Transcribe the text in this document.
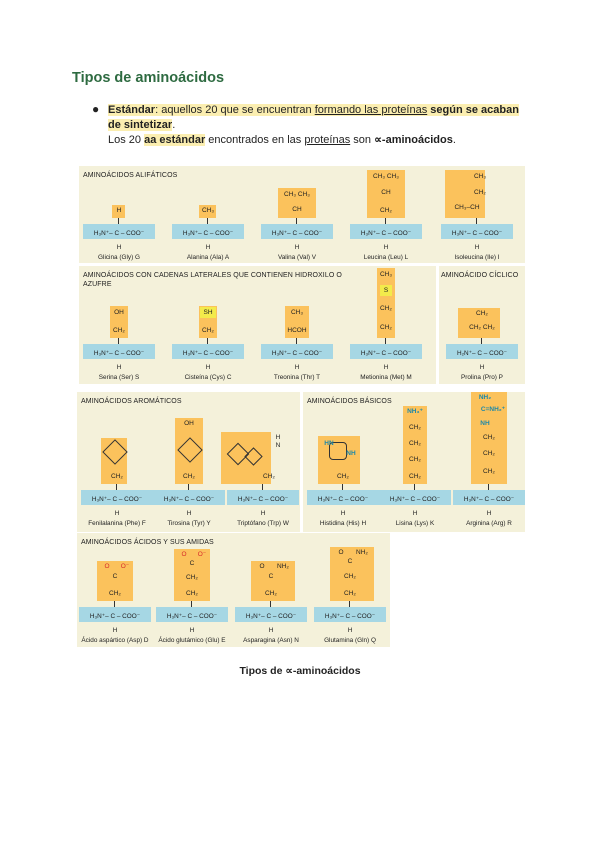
Tipos de aminoácidos
● Estándar: aquellos 20 que se encuentran formando las proteínas según se acaban de sintetizar.
Los 20 aa estándar encontrados en las proteínas son ∝-aminoácidos.
AMINOÁCIDOS ALIFÁTICOS
H
H₃N⁺– C – COO⁻
H
Glicina (Gly) G
CH₃
H₃N⁺– C – COO⁻
H
Alanina (Ala) A
CH₃ CH₃
CH
H₃N⁺– C – COO⁻
H
Valina (Val) V
CH₃ CH₃
CH
CH₂
H₃N⁺– C – COO⁻
H
Leucina (Leu) L
CH₃
CH₂
CH₃–CH
H₃N⁺– C – COO⁻
H
Isoleucina (Ile) I
AMINOÁCIDOS CON CADENAS LATERALES QUE CONTIENEN HIDROXILO O AZUFRE
OH
CH₂
H₃N⁺– C – COO⁻
H
Serina (Ser) S
SH
CH₂
H₃N⁺– C – COO⁻
H
Cisteína (Cys) C
CH₃
HCOH
H₃N⁺– C – COO⁻
H
Treonina (Thr) T
CH₃
S
CH₂
CH₂
H₃N⁺– C – COO⁻
H
Metionina (Met) M
AMINOÁCIDO CÍCLICO
CH₂
CH₂ CH₂
H₂N⁺– C – COO⁻
H
Prolina (Pro) P
AMINOÁCIDOS AROMÁTICOS
CH₂
H₃N⁺– C – COO⁻
H
Fenilalanina (Phe) F
OH
CH₂
H₃N⁺– C – COO⁻
H
Tirosina (Tyr) Y
H
N
CH₂
H₃N⁺– C – COO⁻
H
Triptófano (Trp) W
AMINOÁCIDOS BÁSICOS
HN
NH
CH₂
H₃N⁺– C – COO⁻
H
Histidina (His) H
NH₃⁺
CH₂
CH₂
CH₂
CH₂
H₃N⁺– C – COO⁻
H
Lisina (Lys) K
NH₂
C=NH₂⁺
NH
CH₂
CH₂
CH₂
H₃N⁺– C – COO⁻
H
Arginina (Arg) R
AMINOÁCIDOS ÁCIDOS Y SUS AMIDAS
O
C
O⁻
CH₂
H₃N⁺– C – COO⁻
H
Ácido aspártico (Asp) D
O
C
O⁻
CH₂
CH₂
H₃N⁺– C – COO⁻
H
Ácido glutámico (Glu) E
O
C
NH₂
CH₂
H₃N⁺– C – COO⁻
H
Asparagina (Asn) N
O
C
NH₂
CH₂
CH₂
H₃N⁺– C – COO⁻
H
Glutamina (Gln) Q
Tipos de ∝-aminoácidos
